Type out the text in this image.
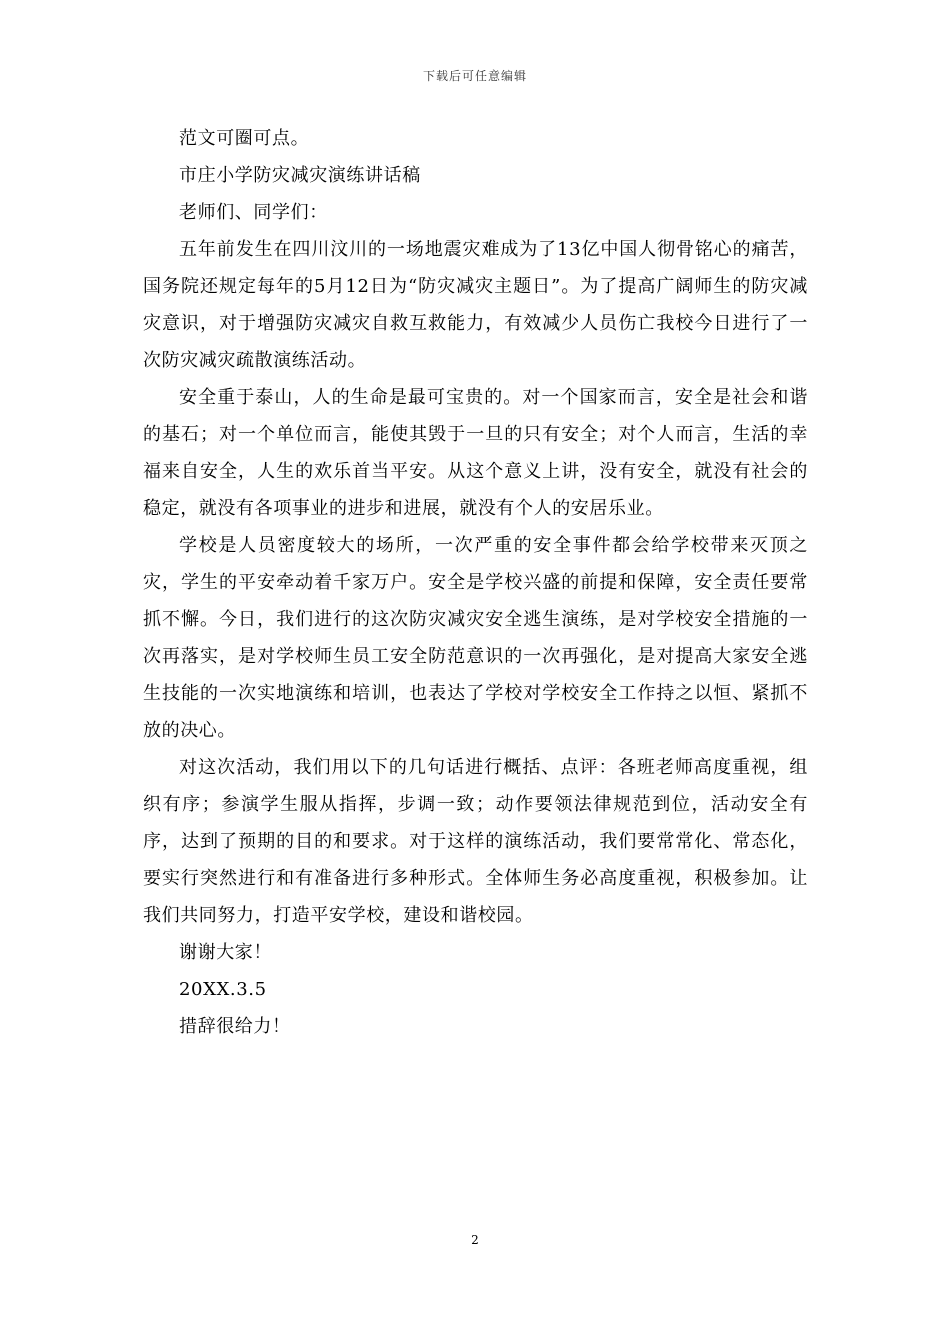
下载后可任意编辑

范文可圈可点。

市庄小学防灾减灾演练讲话稿

老师们、同学们：

五年前发生在四川汶川的一场地震灾难成为了13亿中国人彻骨铭心的痛苦，国务院还规定每年的5月12日为“防灾减灾主题日”。为了提高广阔师生的防灾减灾意识，对于增强防灾减灾自救互救能力，有效减少人员伤亡我校今日进行了一次防灾减灾疏散演练活动。

安全重于泰山，人的生命是最可宝贵的。对一个国家而言，安全是社会和谐的基石；对一个单位而言，能使其毁于一旦的只有安全；对个人而言，生活的幸福来自安全，人生的欢乐首当平安。从这个意义上讲，没有安全，就没有社会的稳定，就没有各项事业的进步和进展，就没有个人的安居乐业。

学校是人员密度较大的场所，一次严重的安全事件都会给学校带来灭顶之灾，学生的平安牵动着千家万户。安全是学校兴盛的前提和保障，安全责任要常抓不懈。今日，我们进行的这次防灾减灾安全逃生演练，是对学校安全措施的一次再落实，是对学校师生员工安全防范意识的一次再强化，是对提高大家安全逃生技能的一次实地演练和培训，也表达了学校对学校安全工作持之以恒、紧抓不放的决心。

对这次活动，我们用以下的几句话进行概括、点评：各班老师高度重视，组织有序；参演学生服从指挥，步调一致；动作要领法律规范到位，活动安全有序，达到了预期的目的和要求。对于这样的演练活动，我们要常常化、常态化，要实行突然进行和有准备进行多种形式。全体师生务必高度重视，积极参加。让我们共同努力，打造平安学校，建设和谐校园。

谢谢大家！

20XX.3.5

措辞很给力！

2
